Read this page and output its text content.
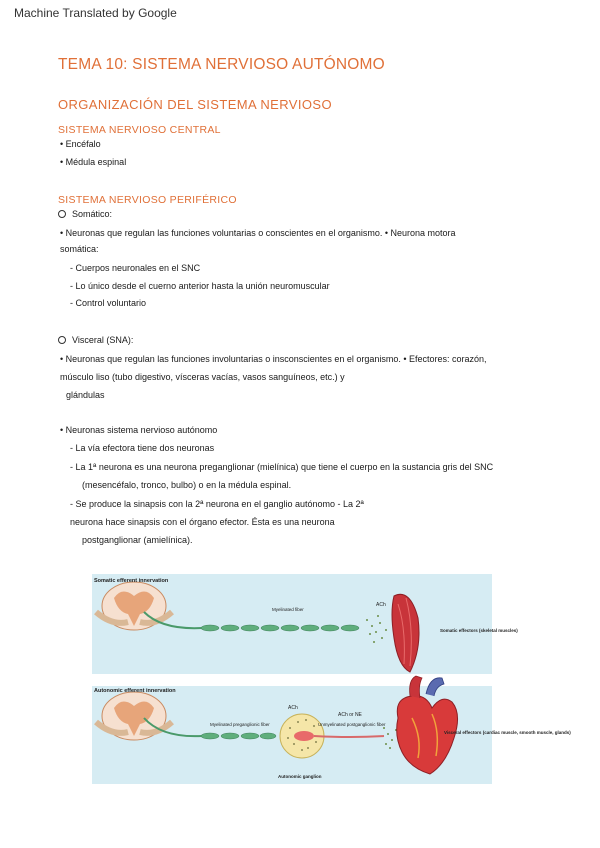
Machine Translated by Google
TEMA 10: SISTEMA NERVIOSO AUTÓNOMO
ORGANIZACIÓN DEL SISTEMA NERVIOSO
SISTEMA NERVIOSO CENTRAL
• Encéfalo
• Médula espinal
SISTEMA NERVIOSO PERIFÉRICO
Somático:
• Neuronas que regulan las funciones voluntarias o conscientes en el organismo. • Neurona motora
somática:
- Cuerpos neuronales en el SNC
- Lo único desde el cuerno anterior hasta la unión neuromuscular
- Control voluntario
Visceral (SNA):
• Neuronas que regulan las funciones involuntarias o insconscientes en el organismo. • Efectores: corazón,
músculo liso (tubo digestivo, vísceras vacías, vasos sanguíneos, etc.) y
glándulas
• Neuronas sistema nervioso autónomo
- La vía efectora tiene dos neuronas
- La 1ª neurona es una neurona preganglionar (mielínica) que tiene el cuerpo en la sustancia gris del SNC
(mesencéfalo, tronco, bulbo) o en la médula espinal.
- Se produce la sinapsis con la 2ª neurona en el ganglio autónomo - La 2ª
neurona hace sinapsis con el órgano efector. Ésta es una neurona
postganglionar (amielínica).
Somatic efferent innervation
Myelinated fiber
ACh
Somatic effectors (skeletal muscles)
Autonomic efferent innervation
Myelinated preganglionic fiber
ACh
ACh or NE
Unmyelinated postganglionic fiber
Autonomic ganglion
Visceral effectors (cardiac muscle, smooth muscle, glands)
